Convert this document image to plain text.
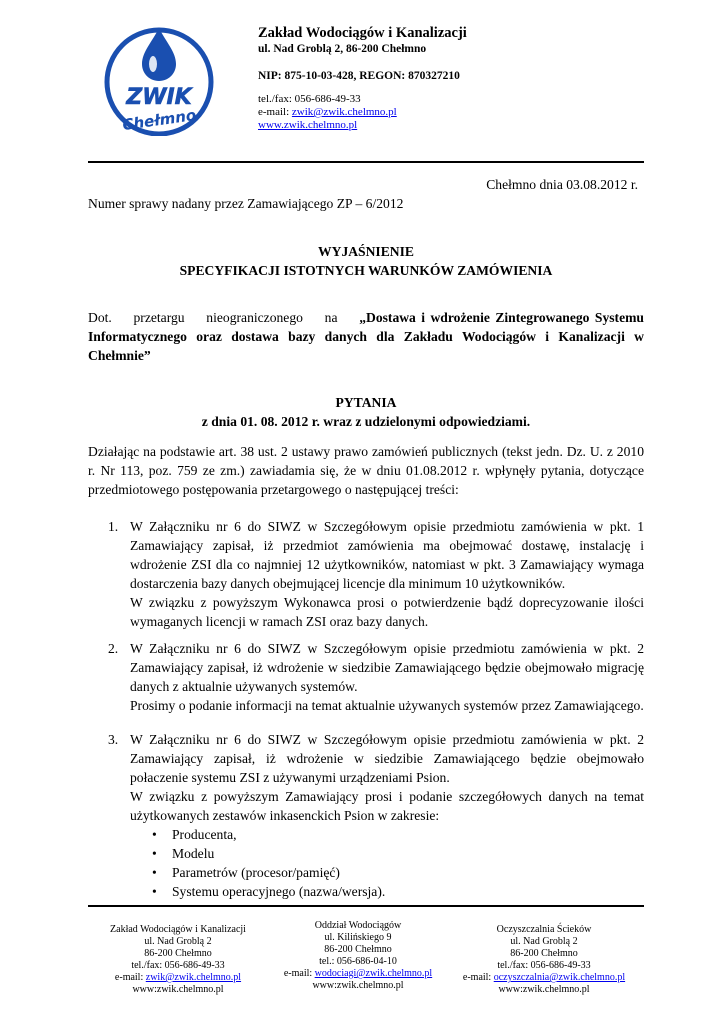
ZWIK
Chełmno
Zakład Wodociągów i Kanalizacji
ul. Nad Groblą 2, 86-200 Chełmno
NIP: 875-10-03-428, REGON: 870327210
tel./fax: 056-686-49-33
e-mail: zwik@zwik.chelmno.pl
www.zwik.chelmno.pl
Chełmno dnia 03.08.2012 r.
Numer sprawy nadany przez Zamawiającego ZP – 6/2012
WYJAŚNIENIE
SPECYFIKACJI ISTOTNYCH WARUNKÓW ZAMÓWIENIA
Dot.    przetargu    nieograniczonego    na    „Dostawa i wdrożenie Zintegrowanego Systemu Informatycznego oraz dostawa bazy danych dla Zakładu Wodociągów i Kanalizacji w Chełmnie”
PYTANIA
z dnia 01. 08. 2012 r. wraz z udzielonymi odpowiedziami.
Działając na podstawie art. 38 ust. 2 ustawy prawo zamówień publicznych (tekst jedn. Dz. U. z 2010 r. Nr 113, poz. 759 ze zm.) zawiadamia się, że w dniu 01.08.2012 r. wpłynęły pytania, dotyczące przedmiotowego postępowania przetargowego o następującej treści:
1. W Załączniku nr 6 do SIWZ w Szczegółowym opisie przedmiotu zamówienia w pkt. 1 Zamawiający zapisał, iż przedmiot zamówienia ma obejmować dostawę, instalację i wdrożenie ZSI dla co najmniej 12 użytkowników, natomiast w pkt. 3 Zamawiający wymaga dostarczenia bazy danych obejmującej licencje dla minimum 10 użytkowników.

W związku z powyższym Wykonawca prosi o potwierdzenie bądź doprecyzowanie ilości wymaganych licencji w ramach ZSI oraz bazy danych.

2. W Załączniku nr 6 do SIWZ w Szczegółowym opisie przedmiotu zamówienia w pkt. 2 Zamawiający zapisał, iż wdrożenie w siedzibie Zamawiającego będzie obejmowało migrację danych z aktualnie używanych systemów.

Prosimy o podanie informacji na temat aktualnie używanych systemów przez Zamawiającego.

3. W Załączniku nr 6 do SIWZ w Szczegółowym opisie przedmiotu zamówienia w pkt. 2 Zamawiający zapisał, iż wdrożenie w siedzibie Zamawiającego będzie obejmowało połaczenie systemu ZSI z używanymi urządzeniami Psion.

W związku z powyższym Zamawiający prosi i podanie szczegółowych danych na temat użytkowanych zestawów inkasenckich Psion w zakresie:

• Producenta,
• Modelu
• Parametrów (procesor/pamięć)
• Systemu operacyjnego (nazwa/wersja).
Zakład Wodociągów i Kanalizacji
ul. Nad Groblą 2
86-200 Chełmno
tel./fax: 056-686-49-33
e-mail: zwik@zwik.chelmno.pl
www:zwik.chelmno.pl
Oddział Wodociągów
ul. Kilińskiego 9
86-200 Chełmno
tel.: 056-686-04-10
e-mail: wodociagi@zwik.chelmno.pl
www:zwik.chelmno.pl
Oczyszczalnia Ścieków
ul. Nad Groblą 2
86-200 Chełmno
tel./fax: 056-686-49-33
e-mail: oczyszczalnia@zwik.chelmno.pl
www:zwik.chelmno.pl
